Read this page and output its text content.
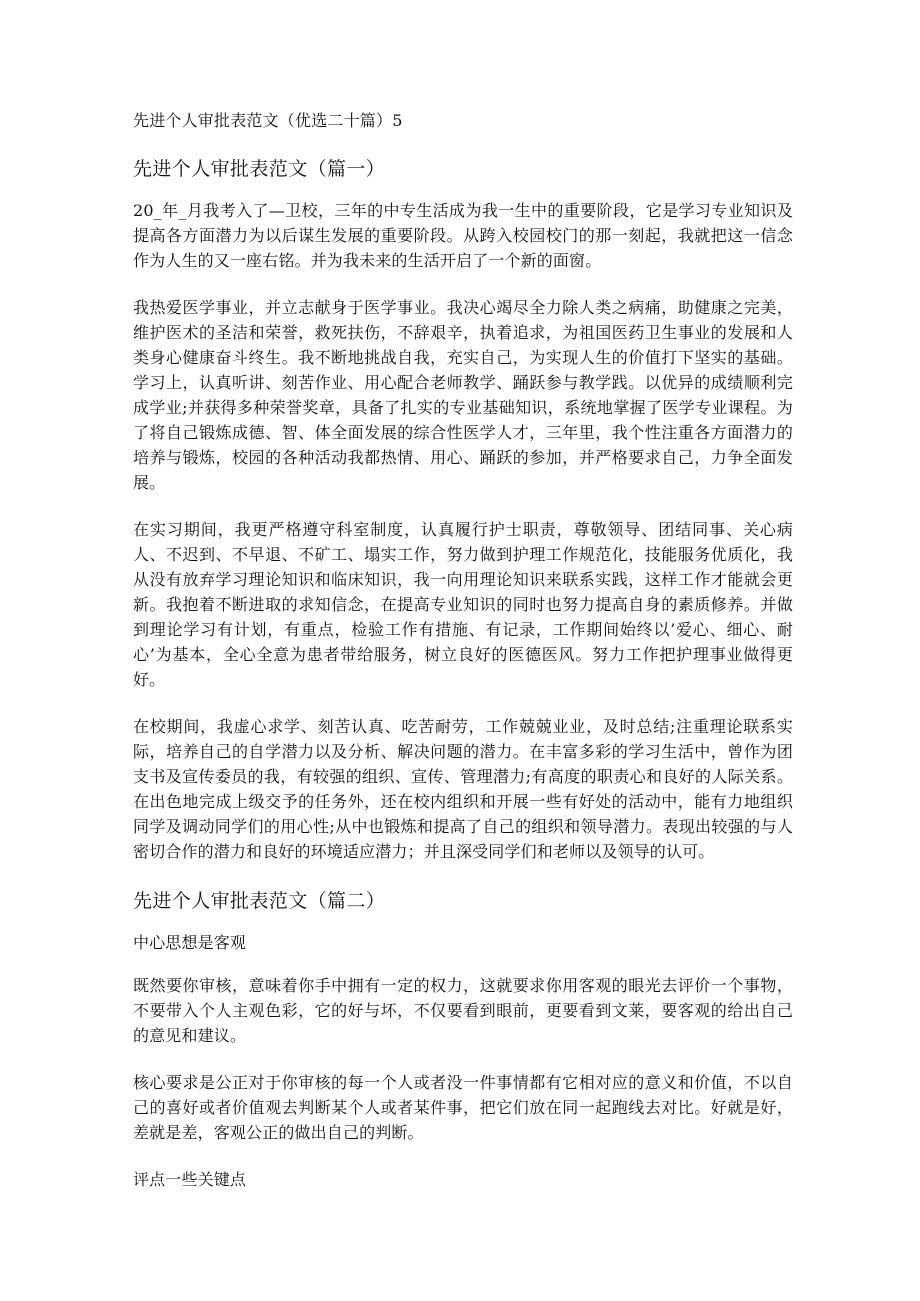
先进个人审批表范文（优选二十篇）5
先进个人审批表范文（篇一）

20_年_月我考入了—卫校，三年的中专生活成为我一生中的重要阶段，它是学习专业知识及提高各方面潜力为以后谋生发展的重要阶段。从跨入校园校门的那一刻起，我就把这一信念作为人生的又一座右铭。并为我未来的生活开启了一个新的面窗。

我热爱医学事业，并立志献身于医学事业。我决心竭尽全力除人类之病痛，助健康之完美，维护医术的圣洁和荣誉，救死扶伤，不辞艰辛，执着追求，为祖国医药卫生事业的发展和人类身心健康奋斗终生。我不断地挑战自我，充实自己，为实现人生的价值打下坚实的基础。学习上，认真听讲、刻苦作业、用心配合老师教学、踊跃参与教学践。以优异的成绩顺利完成学业;并获得多种荣誉奖章，具备了扎实的专业基础知识，系统地掌握了医学专业课程。为了将自己锻炼成德、智、体全面发展的综合性医学人才，三年里，我个性注重各方面潜力的培养与锻炼，校园的各种活动我都热情、用心、踊跃的参加，并严格要求自己，力争全面发展。

在实习期间，我更严格遵守科室制度，认真履行护士职责，尊敬领导、团结同事、关心病人、不迟到、不早退、不矿工、塌实工作，努力做到护理工作规范化，技能服务优质化，我从没有放弃学习理论知识和临床知识，我一向用理论知识来联系实践，这样工作才能就会更新。我抱着不断进取的求知信念，在提高专业知识的同时也努力提高自身的素质修养。并做到理论学习有计划，有重点，检验工作有措施、有记录，工作期间始终以’爱心、细心、耐心’为基本，全心全意为患者带给服务，树立良好的医德医风。努力工作把护理事业做得更好。

在校期间，我虚心求学、刻苦认真、吃苦耐劳，工作兢兢业业，及时总结;注重理论联系实际，培养自己的自学潜力以及分析、解决问题的潜力。在丰富多彩的学习生活中，曾作为团支书及宣传委员的我，有较强的组织、宣传、管理潜力;有高度的职责心和良好的人际关系。在出色地完成上级交予的任务外，还在校内组织和开展一些有好处的活动中，能有力地组织同学及调动同学们的用心性;从中也锻炼和提高了自己的组织和领导潜力。表现出较强的与人密切合作的潜力和良好的环境适应潜力；并且深受同学们和老师以及领导的认可。

先进个人审批表范文（篇二）

中心思想是客观

既然要你审核，意味着你手中拥有一定的权力，这就要求你用客观的眼光去评价一个事物，不要带入个人主观色彩，它的好与坏，不仅要看到眼前，更要看到文莱，要客观的给出自己的意见和建议。

核心要求是公正对于你审核的每一个人或者没一件事情都有它相对应的意义和价值，不以自己的喜好或者价值观去判断某个人或者某件事，把它们放在同一起跑线去对比。好就是好，差就是差，客观公正的做出自己的判断。

评点一些关键点
